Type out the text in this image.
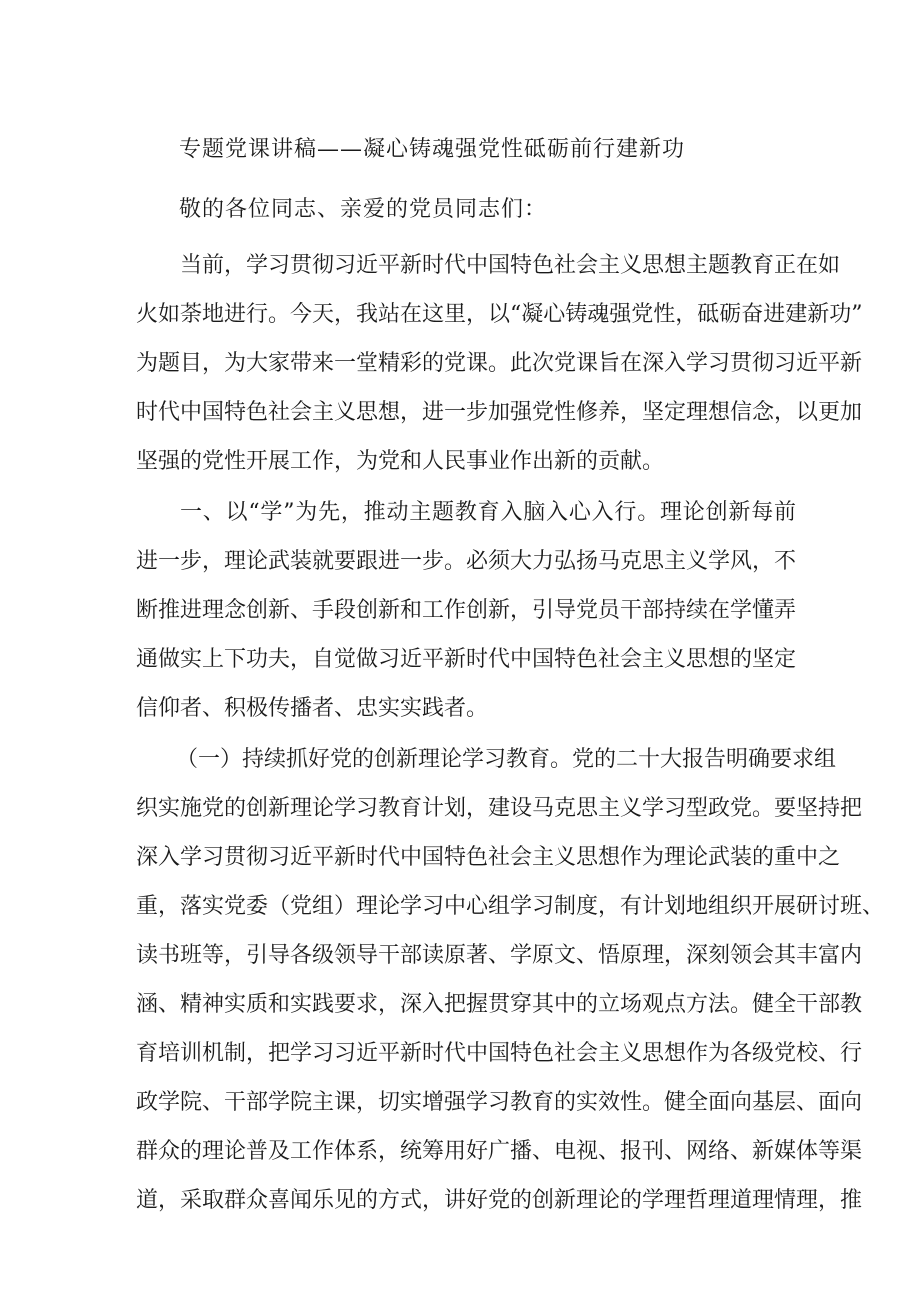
专题党课讲稿——凝心铸魂强党性砥砺前行建新功
敬的各位同志、亲爱的党员同志们：
当前，学习贯彻习近平新时代中国特色社会主义思想主题教育正在如
火如荼地进行。今天，我站在这里，以“凝心铸魂强党性，砥砺奋进建新功”
为题目，为大家带来一堂精彩的党课。此次党课旨在深入学习贯彻习近平新
时代中国特色社会主义思想，进一步加强党性修养，坚定理想信念，以更加
坚强的党性开展工作，为党和人民事业作出新的贡献。
一、以“学”为先，推动主题教育入脑入心入行。理论创新每前
进一步，理论武装就要跟进一步。必须大力弘扬马克思主义学风，不
断推进理念创新、手段创新和工作创新，引导党员干部持续在学懂弄
通做实上下功夫，自觉做习近平新时代中国特色社会主义思想的坚定
信仰者、积极传播者、忠实实践者。
（一）持续抓好党的创新理论学习教育。党的二十大报告明确要求组
织实施党的创新理论学习教育计划，建设马克思主义学习型政党。要坚持把
深入学习贯彻习近平新时代中国特色社会主义思想作为理论武装的重中之
重，落实党委（党组）理论学习中心组学习制度，有计划地组织开展研讨班、
读书班等，引导各级领导干部读原著、学原文、悟原理，深刻领会其丰富内
涵、精神实质和实践要求，深入把握贯穿其中的立场观点方法。健全干部教
育培训机制，把学习习近平新时代中国特色社会主义思想作为各级党校、行
政学院、干部学院主课，切实增强学习教育的实效性。健全面向基层、面向
群众的理论普及工作体系，统筹用好广播、电视、报刊、网络、新媒体等渠
道，采取群众喜闻乐见的方式，讲好党的创新理论的学理哲理道理情理，推
